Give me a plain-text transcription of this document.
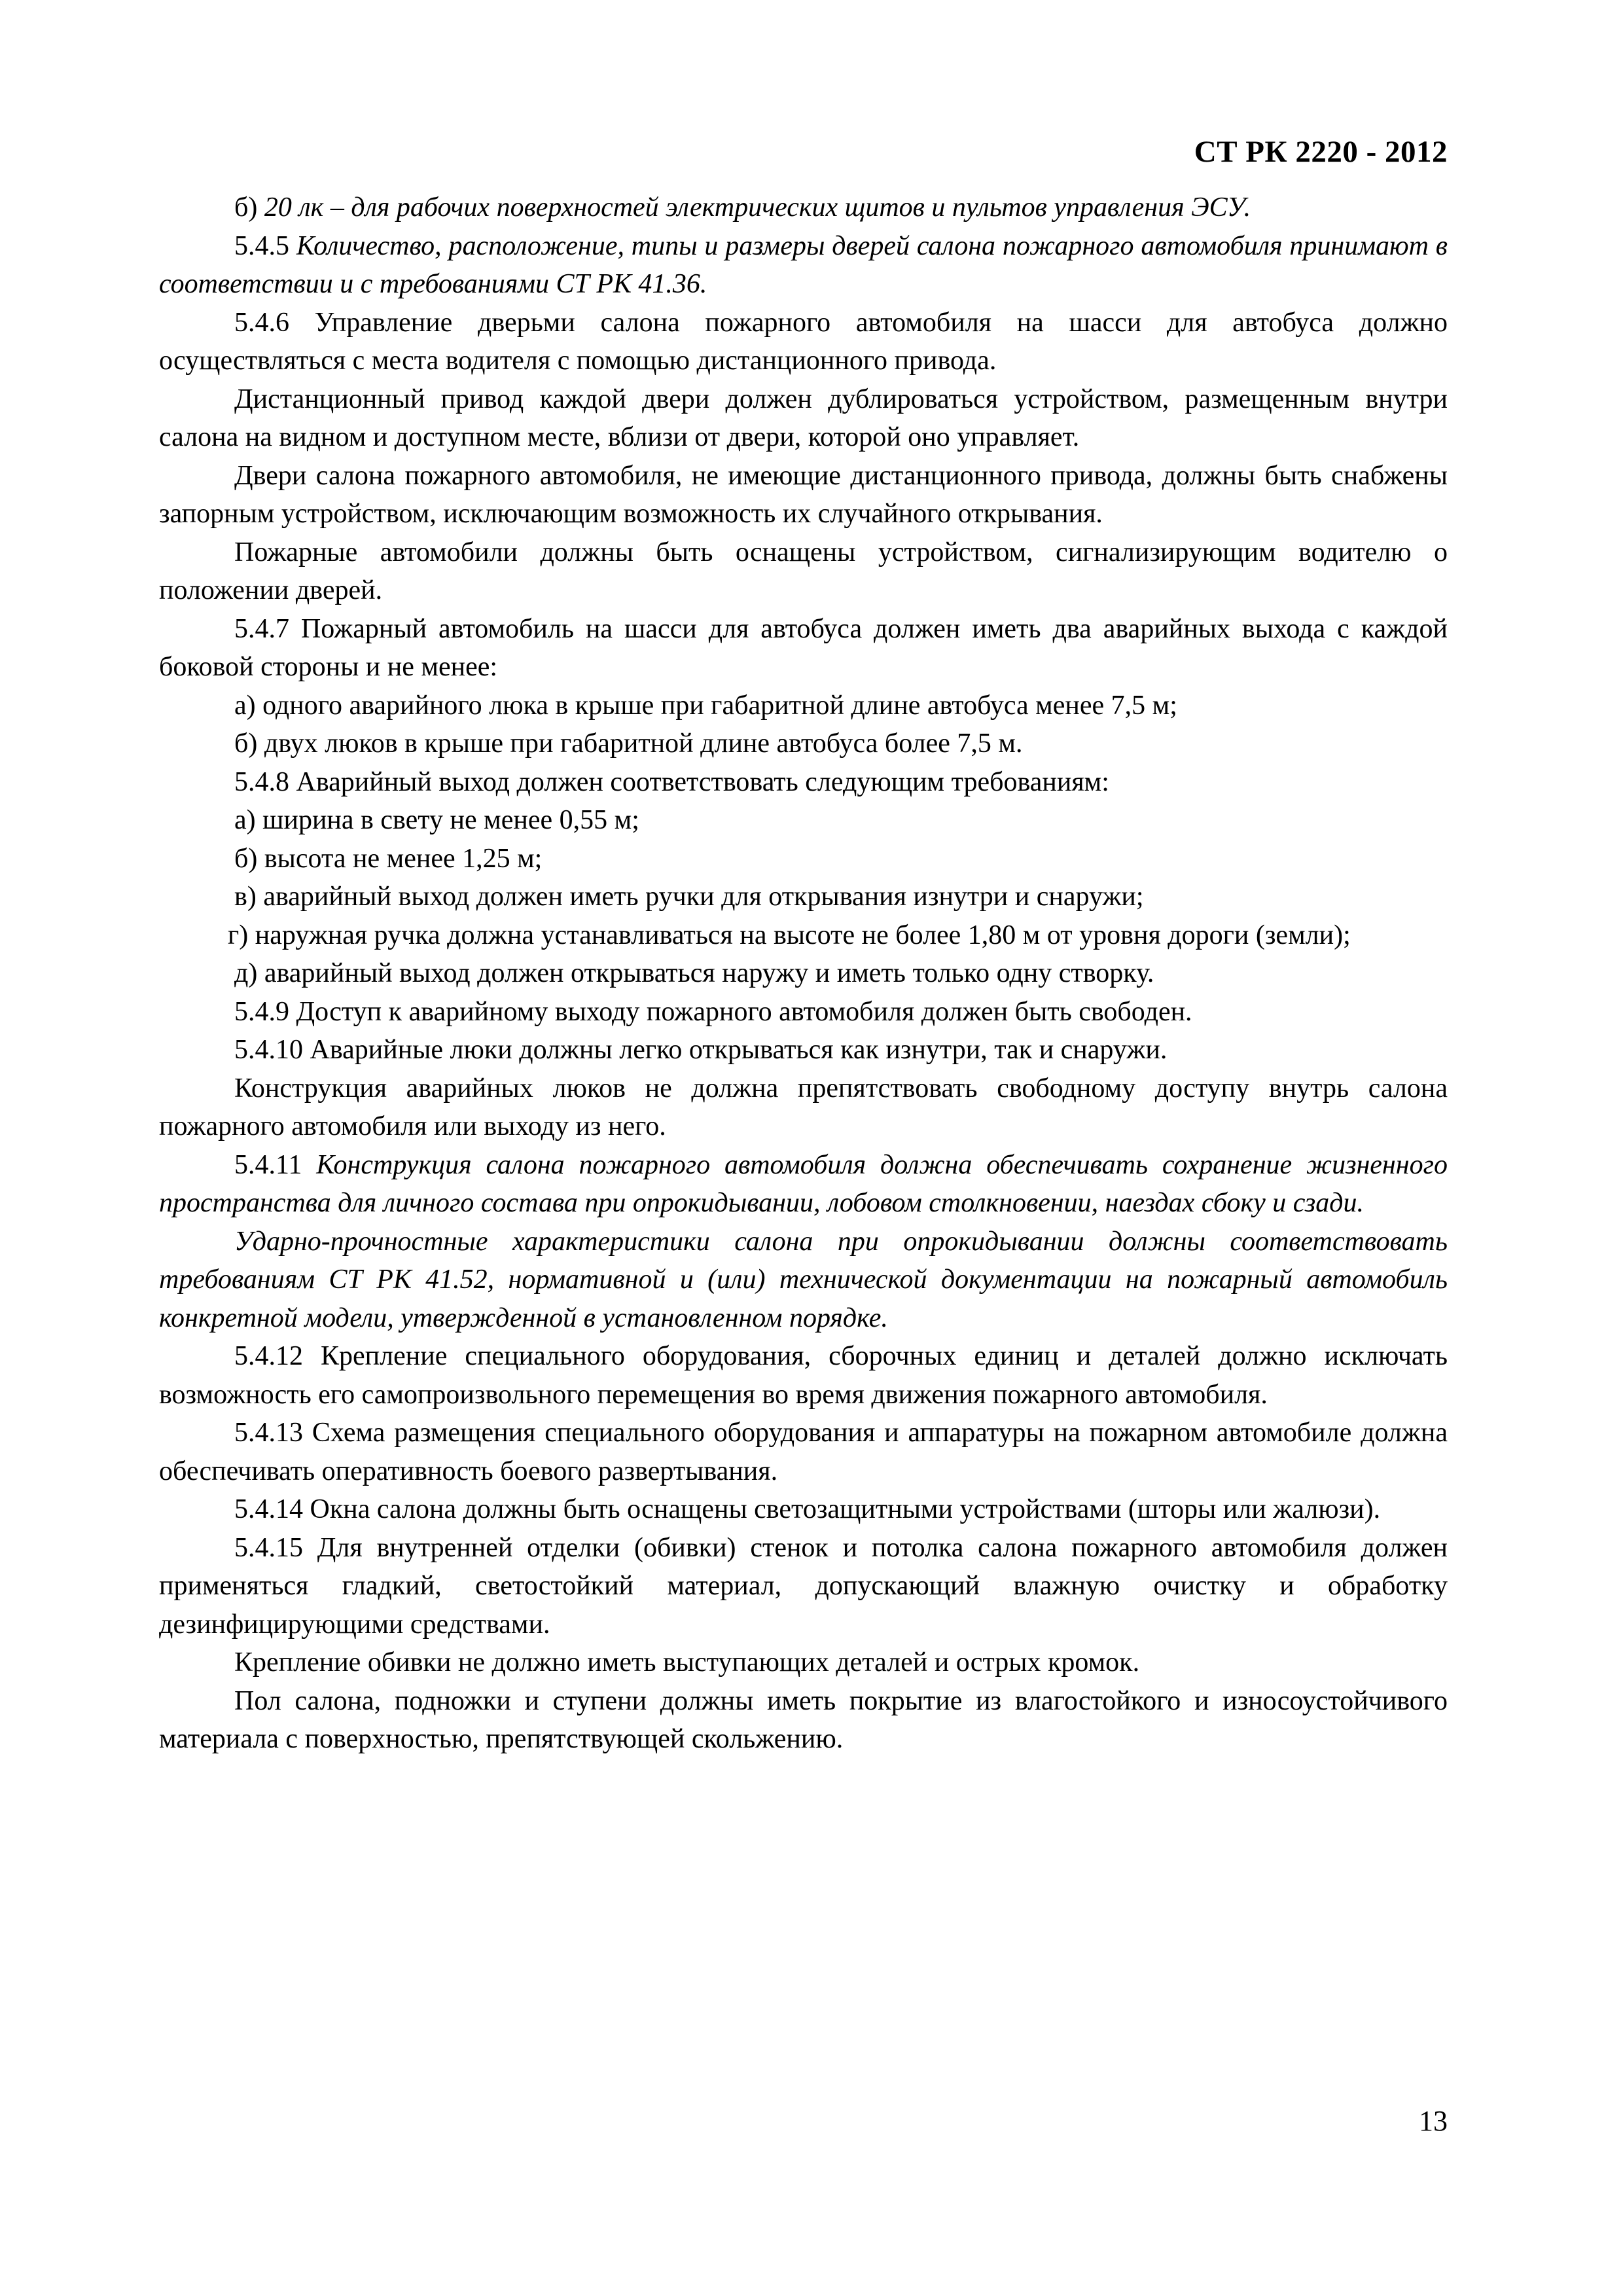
СТ РК 2220 - 2012

б) 20 лк – для рабочих поверхностей электрических щитов и пультов управления ЭСУ.

5.4.5 Количество, расположение, типы и размеры дверей салона пожарного автомобиля принимают в соответствии и с требованиями СТ РК 41.36.

5.4.6 Управление дверьми салона пожарного автомобиля на шасси для автобуса должно осуществляться с места водителя с помощью дистанционного привода.

Дистанционный привод каждой двери должен дублироваться устройством, размещенным внутри салона на видном и доступном месте, вблизи от двери, которой оно управляет.

Двери салона пожарного автомобиля, не имеющие дистанционного привода, должны быть снабжены запорным устройством, исключающим возможность их случайного открывания.

Пожарные автомобили должны быть оснащены устройством, сигнализирующим водителю о положении дверей.

5.4.7 Пожарный автомобиль на шасси для автобуса должен иметь два аварийных выхода с каждой боковой стороны и не менее:

а) одного аварийного люка в крыше при габаритной длине автобуса менее 7,5 м;

б) двух люков в крыше при габаритной длине автобуса более 7,5 м.

5.4.8 Аварийный выход должен соответствовать следующим требованиям:

а) ширина в свету не менее 0,55 м;

б) высота не менее 1,25 м;

в) аварийный выход должен иметь ручки для открывания изнутри и снаружи;

г) наружная ручка должна устанавливаться на высоте не более 1,80 м от уровня дороги (земли);

д) аварийный выход должен открываться наружу и иметь только одну створку.

5.4.9 Доступ к аварийному выходу пожарного автомобиля должен быть свободен.

5.4.10 Аварийные люки должны легко открываться как изнутри, так и снаружи.

Конструкция аварийных люков не должна препятствовать свободному доступу внутрь салона пожарного автомобиля или выходу из него.

5.4.11 Конструкция салона пожарного автомобиля должна обеспечивать сохранение жизненного пространства для личного состава при опрокидывании, лобовом столкновении, наездах сбоку и сзади.

Ударно-прочностные характеристики салона при опрокидывании должны соответствовать требованиям СТ РК 41.52, нормативной и (или) технической документации на пожарный автомобиль конкретной модели, утвержденной в установленном порядке.

5.4.12 Крепление специального оборудования, сборочных единиц и деталей должно исключать возможность его самопроизвольного перемещения во время движения пожарного автомобиля.

5.4.13 Схема размещения специального оборудования и аппаратуры на пожарном автомобиле должна обеспечивать оперативность боевого развертывания.

5.4.14 Окна салона должны быть оснащены светозащитными устройствами (шторы или жалюзи).

5.4.15 Для внутренней отделки (обивки) стенок и потолка салона пожарного автомобиля должен применяться гладкий, светостойкий материал, допускающий влажную очистку и обработку дезинфицирующими средствами.

Крепление обивки не должно иметь выступающих деталей и острых кромок.

Пол салона, подножки и ступени должны иметь покрытие из влагостойкого и износоустойчивого материала с поверхностью, препятствующей скольжению.

13
